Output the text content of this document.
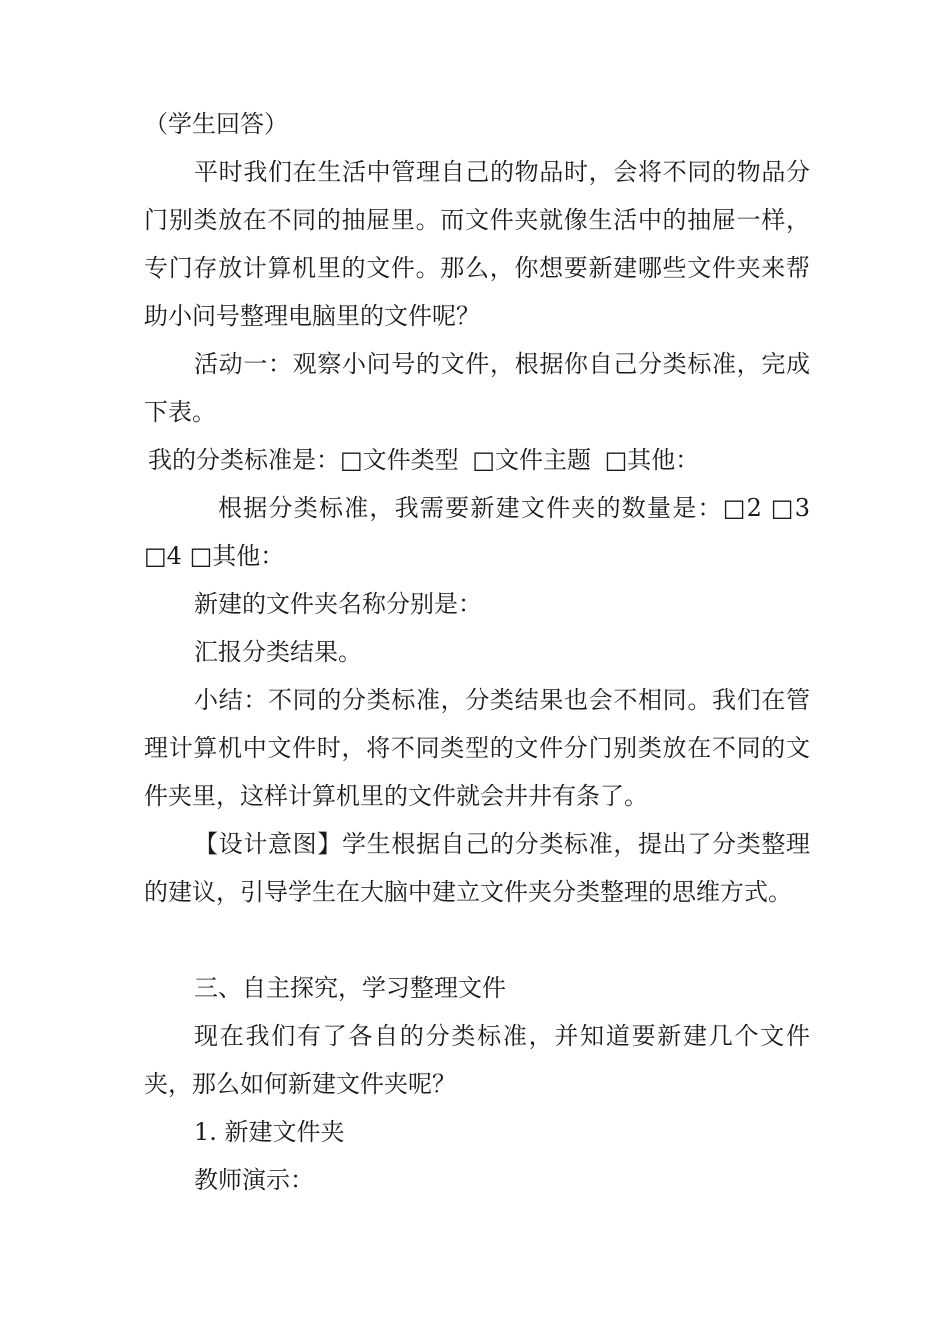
（学生回答）

平时我们在生活中管理自己的物品时，会将不同的物品分门别类放在不同的抽屉里。而文件夹就像生活中的抽屉一样，专门存放计算机里的文件。那么，你想要新建哪些文件夹来帮助小问号整理电脑里的文件呢？

活动一：观察小问号的文件，根据你自己分类标准，完成下表。

我的分类标准是：□文件类型 □文件主题 □其他：

根据分类标准，我需要新建文件夹的数量是：□2 □3 □4 □其他：

新建的文件夹名称分别是：

汇报分类结果。

小结：不同的分类标准，分类结果也会不相同。我们在管理计算机中文件时，将不同类型的文件分门别类放在不同的文件夹里，这样计算机里的文件就会井井有条了。

【设计意图】学生根据自己的分类标准，提出了分类整理的建议，引导学生在大脑中建立文件夹分类整理的思维方式。

三、自主探究，学习整理文件

现在我们有了各自的分类标准，并知道要新建几个文件夹，那么如何新建文件夹呢？

1. 新建文件夹

教师演示：
